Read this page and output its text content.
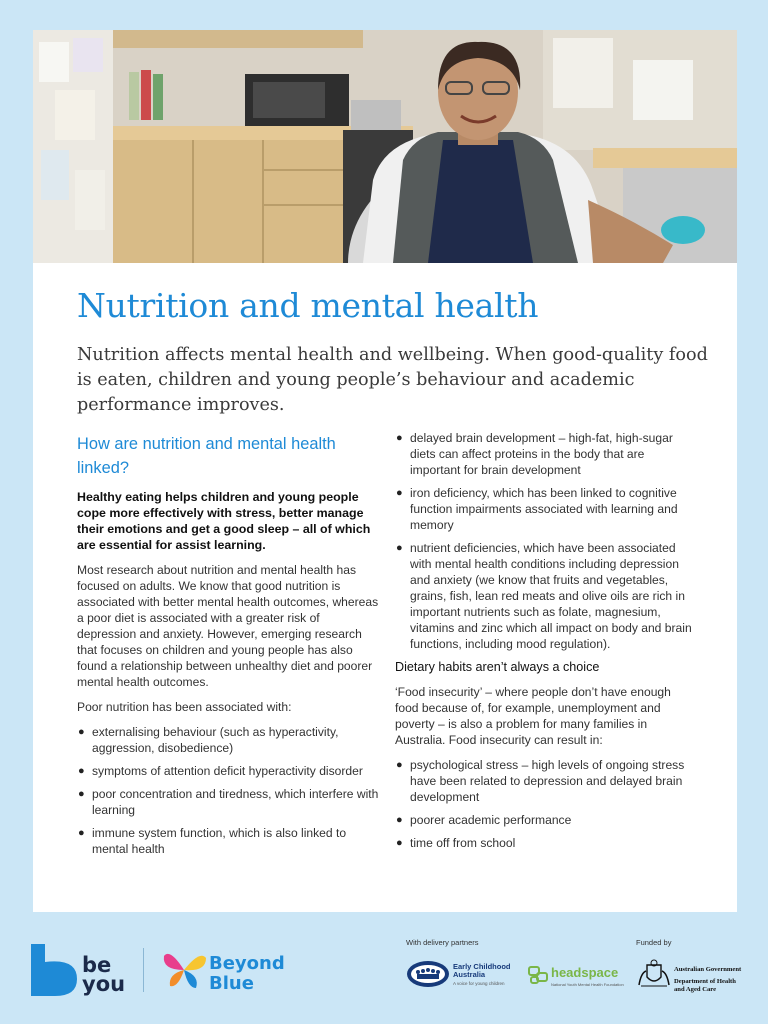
Nutrition and mental health
Nutrition affects mental health and wellbeing. When good-quality food is eaten, children and young people’s behaviour and academic performance improves.
How are nutrition and mental health linked?

Healthy eating helps children and young people cope more effectively with stress, better manage their emotions and get a good sleep – all of which are essential for assist learning.

Most research about nutrition and mental health has focused on adults. We know that good nutrition is associated with better mental health outcomes, whereas a poor diet is associated with a greater risk of depression and anxiety. However, emerging research that focuses on children and young people has also found a relationship between unhealthy diet and poorer mental health outcomes.

Poor nutrition has been associated with:

● externalising behaviour (such as hyperactivity, aggression, disobedience)
● symptoms of attention deficit hyperactivity disorder
● poor concentration and tiredness, which interfere with learning
● immune system function, which is also linked to mental health
● delayed brain development – high-fat, high-sugar diets can affect proteins in the body that are important for brain development
● iron deficiency, which has been linked to cognitive function impairments associated with learning and memory
● nutrient deficiencies, which have been associated with mental health conditions including depression and anxiety (we know that fruits and vegetables, grains, fish, lean red meats and olive oils are rich in important nutrients such as folate, magnesium, vitamins and zinc which all impact on body and brain functions, including mood regulation).
Dietary habits aren’t always a choice

‘Food insecurity’ – where people don’t have enough food because of, for example, unemployment and poverty – is also a problem for many families in Australia. Food insecurity can result in:

● psychological stress – high levels of ongoing stress have been related to depression and delayed brain development
● poorer academic performance
● time off from school
be
you
Beyond
Blue
With delivery partners	Funded by
Early Childhood
Australia
A voice for young children
headspace
National Youth Mental Health Foundation
Australian Government
Department of Health
and Aged Care
